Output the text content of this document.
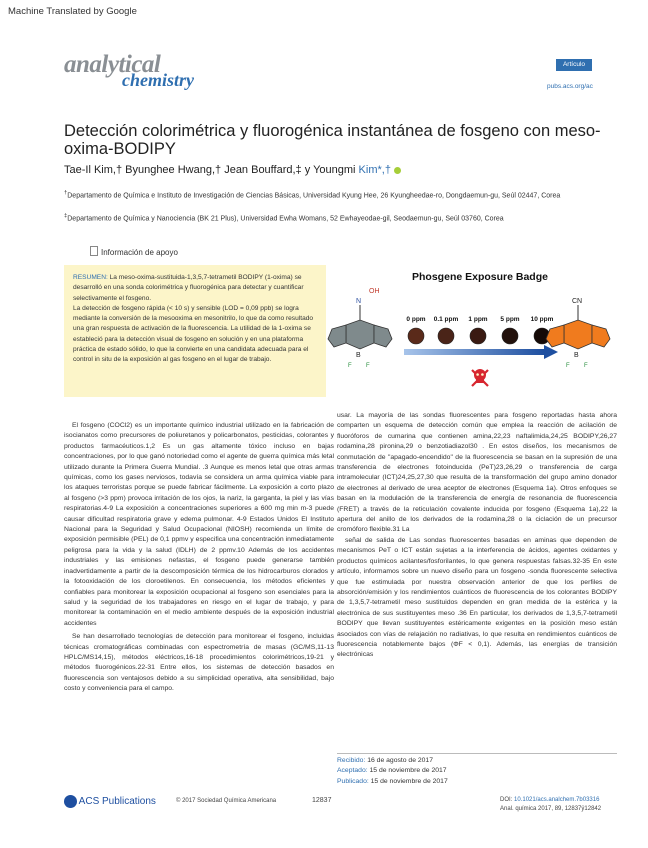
Machine Translated by Google
analytical
chemistry
Artículo
pubs.acs.org/ac
Detección colorimétrica y fluorogénica instantánea de fosgeno con meso-oxima-BODIPY
Tae-Il Kim,† Byunghee Hwang,† Jean Bouffard,‡ y Youngmi Kim*,†
†Departamento de Química e Instituto de Investigación de Ciencias Básicas, Universidad Kyung Hee, 26 Kyungheedae-ro, Dongdaemun-gu, Seúl 02447, Corea
‡Departamento de Química y Nanociencia (BK 21 Plus), Universidad Ewha Womans, 52 Ewhayeodae-gil, Seodaemun-gu, Seúl 03760, Corea
Información de apoyo
RESUMEN: La meso-oxima-sustituida-1,3,5,7-tetrametil BODIPY (1-oxima) se desarrolló en una sonda colorimétrica y fluorogénica para detectar y cuantificar selectivamente el fosgeno.
La detección de fosgeno rápida (< 10 s) y sensible (LOD = 0,09 ppb) se logra mediante la conversión de la mesooxima en mesonitrilo, lo que da como resultado una gran respuesta de activación de la fluorescencia. La utilidad de la 1-oxima se estableció para la detección visual de fosgeno en solución y en una plataforma práctica de estado sólido, lo que la convierte en una candidata adecuada para el control in situ de la exposición al gas fosgeno en el lugar de trabajo.
Phosgene Exposure Badge
OH
N
B
F F
0 ppm 0.1 ppm 1 ppm 5 ppm 10 ppm
CN
B
F F

El fosgeno (COCl2) es un importante químico industrial utilizado en la fabricación de isocianatos como precursores de poliuretanos y policarbonatos, pesticidas, colorantes y productos farmacéuticos.1,2 Es un gas altamente tóxico incluso en bajas concentraciones, por lo que ganó notoriedad como el agente de guerra química más letal utilizado durante la Primera Guerra Mundial. .3 Aunque es menos letal que otras armas químicas, como los gases nerviosos, todavía se considera un arma química viable para los ataques terroristas porque se puede fabricar fácilmente. La exposición a corto plazo al fosgeno (>3 ppm) provoca irritación de los ojos, la nariz, la garganta, la piel y las vías respiratorias.4-9 La exposición a concentraciones superiores a 600 mg min m-3 puede causar dificultad respiratoria grave y edema pulmonar. 4-9 Estados Unidos El Instituto Nacional para la Seguridad y Salud Ocupacional (NIOSH) recomienda un límite de exposición permisible (PEL) de 0,1 ppmv y especifica una concentración inmediatamente peligrosa para la vida y la salud (IDLH) de 2 ppmv.10 Además de los accidentes industriales y las emisiones nefastas, el fosgeno puede generarse también inadvertidamente a partir de la descomposición térmica de los hidrocarburos clorados y la fotooxidación de los cloroetilenos. En consecuencia, los métodos eficientes y confiables para monitorear la exposición ocupacional al fosgeno son esenciales para la salud y la seguridad de los trabajadores en riesgo en el lugar de trabajo, y para monitorear la contaminación en el medio ambiente después de la exposición industrial accidentes

Se han desarrollado tecnologías de detección para monitorear el fosgeno, incluidas técnicas cromatográficas combinadas con espectrometría de masas (GC/MS,11-13 HPLC/MS14,15), métodos eléctricos,16-18 procedimientos colorimétricos,19-21 y métodos fluorogénicos.22-31 Entre ellos, los sistemas de detección basados en fluorescencia son ventajosos debido a su simplicidad operativa, alta sensibilidad, bajo costo y conveniencia para el campo.

usar. La mayoría de las sondas fluorescentes para fosgeno reportadas hasta ahora comparten un esquema de detección común que emplea la reacción de acilación de fluoróforos de cumarina que contienen amina,22,23 naftalimida,24,25 BODIPY,26,27 rodamina,28 pironina,29 o benzotiadiazol30 . En estos diseños, los mecanismos de conmutación de "apagado-encendido" de la fluorescencia se basan en la supresión de una transferencia de electrones fotoinducida (PeT)23,26,29 o transferencia de carga intramolecular (ICT)24,25,27,30 que resulta de la transformación del grupo amino donador de electrones al derivado de urea aceptor de electrones (Esquema 1a). Otros enfoques se basan en la modulación de la transferencia de energía de resonancia de fluorescencia (FRET) a través de la reticulación covalente inducida por fosgeno (Esquema 1a),22 la apertura del anillo de los derivados de la rodamina,28 o la ciclación de un precursor cromóforo flexible.31 La

señal de salida de Las sondas fluorescentes basadas en aminas que dependen de mecanismos PeT o ICT están sujetas a la interferencia de ácidos, agentes oxidantes y productos químicos acilantes/fosforilantes, lo que genera respuestas falsas.32-35 En este artículo, informamos sobre un nuevo diseño para un fosgeno -sonda fluorescente selectiva que fue estimulada por nuestra observación anterior de que los perfiles de absorción/emisión y los rendimientos cuánticos de fluorescencia de los colorantes BODIPY de 1,3,5,7-tetrametil meso sustituidos dependen en gran medida de la estérica y la electrónica de sus sustituyentes meso .36 En particular, los derivados de 1,3,5,7-tetrametil BODIPY que llevan sustituyentes estéricamente exigentes en la posición meso están asociados con vías de relajación no radiativas, lo que resulta en rendimientos cuánticos de fluorescencia notablemente bajos (ΦF < 0,1). Además, las energías de transición electrónicas

Recibido: 16 de agosto de 2017
Aceptado: 15 de noviembre de 2017
Publicado: 15 de noviembre de 2017
ACS Publications	© 2017 Sociedad Química Americana	12837	DOI: 10.1021/acs.analchem.7b03316
Anal. química 2017, 89, 12837ÿ12842
